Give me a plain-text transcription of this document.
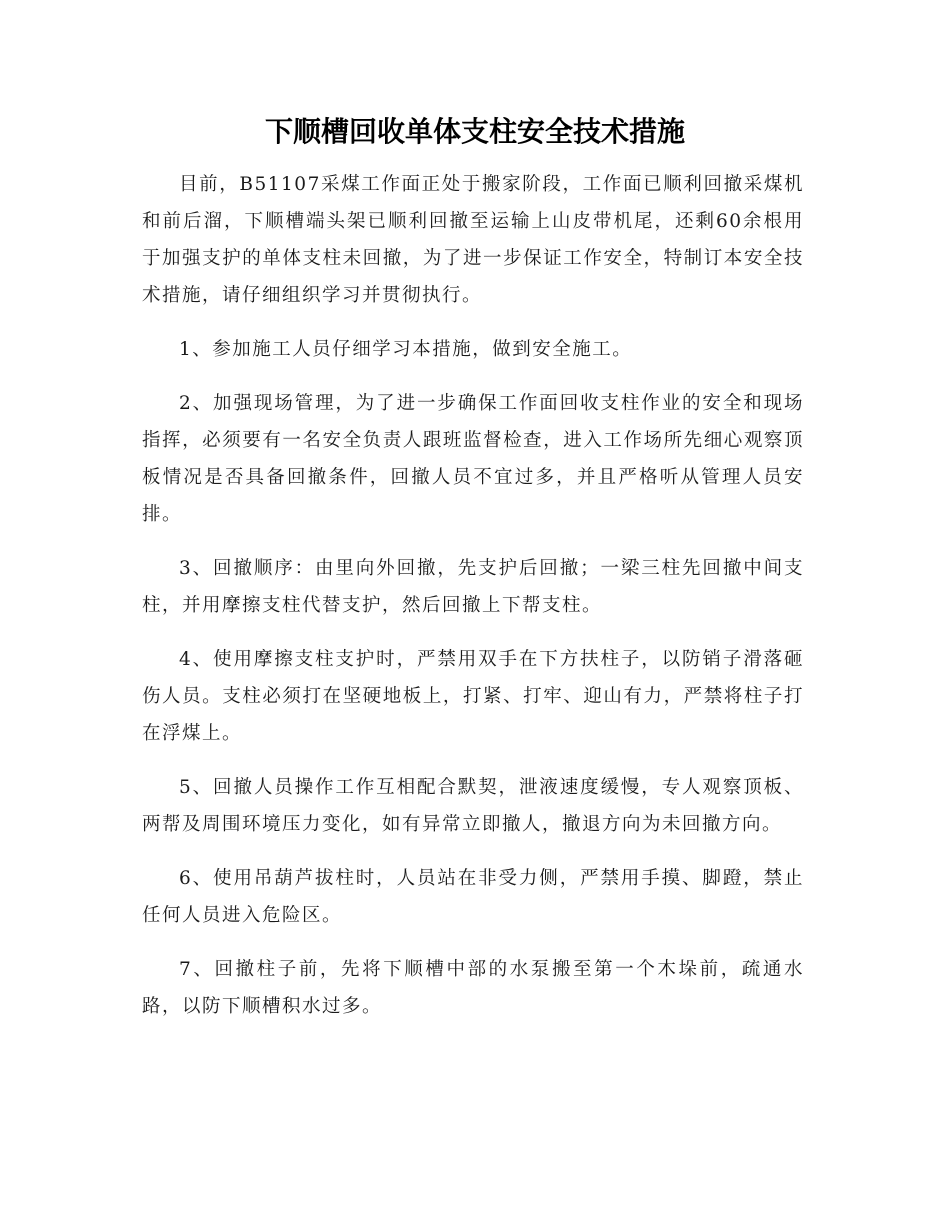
下顺槽回收单体支柱安全技术措施

目前，B51107采煤工作面正处于搬家阶段，工作面已顺利回撤采煤机和前后溜，下顺槽端头架已顺利回撤至运输上山皮带机尾，还剩60余根用于加强支护的单体支柱未回撤，为了进一步保证工作安全，特制订本安全技术措施，请仔细组织学习并贯彻执行。

1、参加施工人员仔细学习本措施，做到安全施工。

2、加强现场管理，为了进一步确保工作面回收支柱作业的安全和现场指挥，必须要有一名安全负责人跟班监督检查，进入工作场所先细心观察顶板情况是否具备回撤条件，回撤人员不宜过多，并且严格听从管理人员安排。

3、回撤顺序：由里向外回撤，先支护后回撤；一梁三柱先回撤中间支柱，并用摩擦支柱代替支护，然后回撤上下帮支柱。

4、使用摩擦支柱支护时，严禁用双手在下方扶柱子，以防销子滑落砸伤人员。支柱必须打在坚硬地板上，打紧、打牢、迎山有力，严禁将柱子打在浮煤上。

5、回撤人员操作工作互相配合默契，泄液速度缓慢，专人观察顶板、两帮及周围环境压力变化，如有异常立即撤人，撤退方向为未回撤方向。

6、使用吊葫芦拔柱时，人员站在非受力侧，严禁用手摸、脚蹬，禁止任何人员进入危险区。

7、回撤柱子前，先将下顺槽中部的水泵搬至第一个木垛前，疏通水路，以防下顺槽积水过多。
